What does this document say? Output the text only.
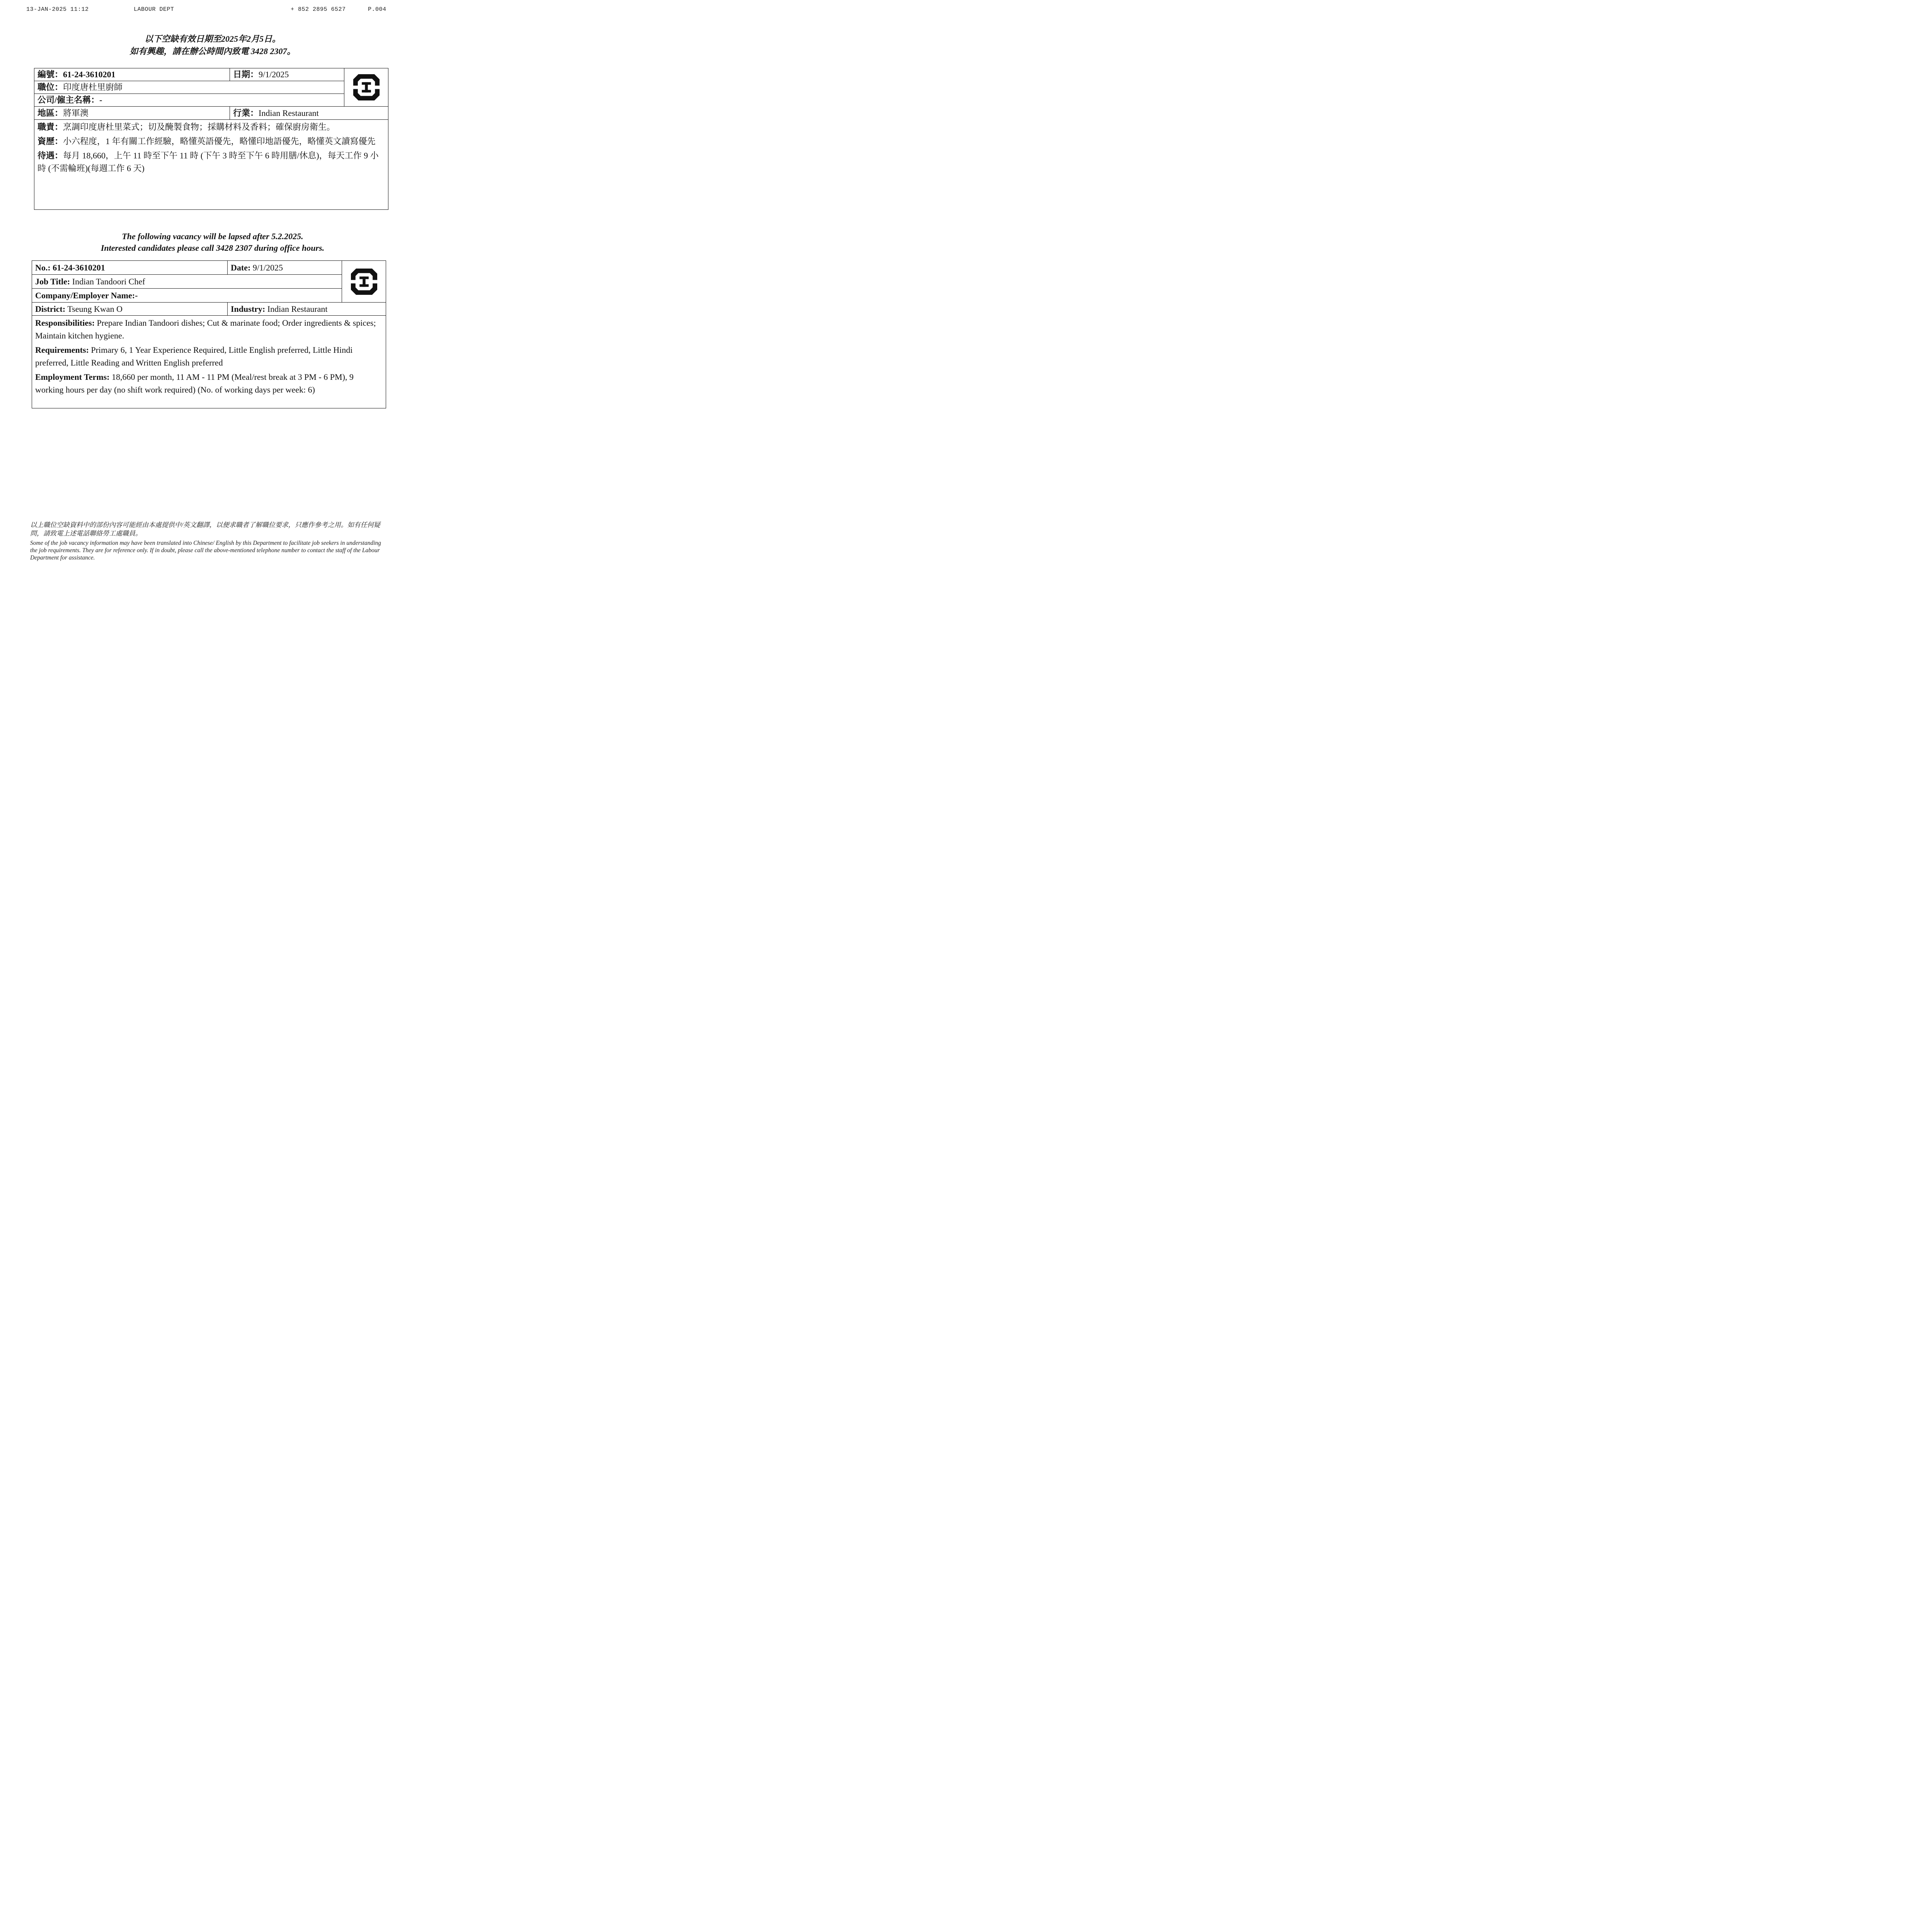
13-JAN-2025 11:12	LABOUR DEPT	+ 852 2895 6527	P.004
以下空缺有效日期至2025年2月5日。
如有興趣，請在辦公時間內致電 3428 2307。
編號：61-24-3610201	日期：9/1/2025	

職位：印度唐杜里廚師		
公司/僱主名稱：-		
地區：將軍澳	行業：Indian Restaurant	

職責：烹調印度唐杜里菜式；切及醃製食物；採購材料及香料；確保廚房衛生。

資歷：小六程度，1 年有關工作經驗，略懂英語優先，略懂印地語優先，略懂英文讀寫優先

待遇：每月 18,660，上午 11 時至下午 11 時 (下午 3 時至下午 6 時用膳/休息)，每天工作 9 小時 (不需輪班)(每週工作 6 天)		

The following vacancy will be lapsed after 5.2.2025.
Interested candidates please call 3428 2307 during office hours.
No.: 61-24-3610201	Date: 9/1/2025	

Job Title: Indian Tandoori Chef		
Company/Employer Name:-		
District: Tseung Kwan O	Industry: Indian Restaurant	

Responsibilities: Prepare Indian Tandoori dishes; Cut & marinate food; Order ingredients & spices; Maintain kitchen hygiene.

Requirements: Primary 6, 1 Year Experience Required, Little English preferred, Little Hindi preferred, Little Reading and Written English preferred

Employment Terms: 18,660 per month, 11 AM - 11 PM (Meal/rest break at 3 PM - 6 PM), 9 working hours per day (no shift work required) (No. of working days per week: 6)		

以上職位空缺資料中的部份內容可能經由本處提供中/英文翻譯，以便求職者了解職位要求，只應作參考之用。如有任何疑問，請致電上述電話聯絡勞工處職員。

Some of the job vacancy information may have been translated into Chinese/ English by this Department to facilitate job seekers in understanding the job requirements. They are for reference only. If in doubt, please call the above-mentioned telephone number to contact the staff of the Labour Department for assistance.
